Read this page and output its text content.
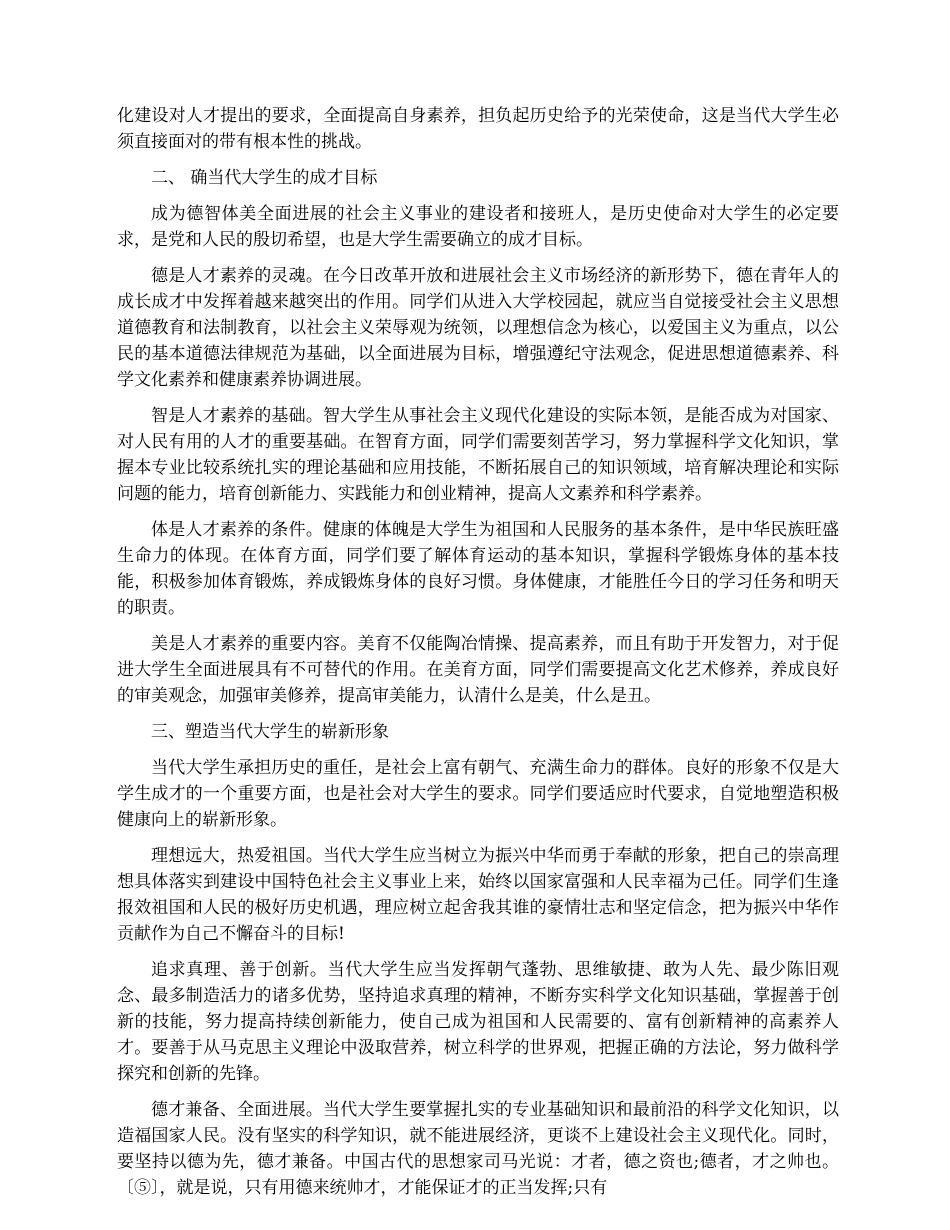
化建设对人才提出的要求，全面提高自身素养，担负起历史给予的光荣使命，这是当代大学生必须直接面对的带有根本性的挑战。

二、 确当代大学生的成才目标

成为德智体美全面进展的社会主义事业的建设者和接班人，是历史使命对大学生的必定要求，是党和人民的殷切希望，也是大学生需要确立的成才目标。

德是人才素养的灵魂。在今日改革开放和进展社会主义市场经济的新形势下，德在青年人的成长成才中发挥着越来越突出的作用。同学们从进入大学校园起，就应当自觉接受社会主义思想道德教育和法制教育，以社会主义荣辱观为统领，以理想信念为核心，以爱国主义为重点，以公民的基本道德法律规范为基础，以全面进展为目标，增强遵纪守法观念，促进思想道德素养、科学文化素养和健康素养协调进展。

智是人才素养的基础。智大学生从事社会主义现代化建设的实际本领，是能否成为对国家、对人民有用的人才的重要基础。在智育方面，同学们需要刻苦学习，努力掌握科学文化知识，掌握本专业比较系统扎实的理论基础和应用技能，不断拓展自己的知识领域，培育解决理论和实际问题的能力，培育创新能力、实践能力和创业精神，提高人文素养和科学素养。

体是人才素养的条件。健康的体魄是大学生为祖国和人民服务的基本条件，是中华民族旺盛生命力的体现。在体育方面，同学们要了解体育运动的基本知识，掌握科学锻炼身体的基本技能，积极参加体育锻炼，养成锻炼身体的良好习惯。身体健康，才能胜任今日的学习任务和明天的职责。

美是人才素养的重要内容。美育不仅能陶冶情操、提高素养，而且有助于开发智力，对于促进大学生全面进展具有不可替代的作用。在美育方面，同学们需要提高文化艺术修养，养成良好的审美观念，加强审美修养，提高审美能力，认清什么是美，什么是丑。

三、塑造当代大学生的崭新形象

当代大学生承担历史的重任，是社会上富有朝气、充满生命力的群体。良好的形象不仅是大学生成才的一个重要方面，也是社会对大学生的要求。同学们要适应时代要求，自觉地塑造积极健康向上的崭新形象。

理想远大，热爱祖国。当代大学生应当树立为振兴中华而勇于奉献的形象，把自己的崇高理想具体落实到建设中国特色社会主义事业上来，始终以国家富强和人民幸福为己任。同学们生逢报效祖国和人民的极好历史机遇，理应树立起舍我其谁的豪情壮志和坚定信念，把为振兴中华作贡献作为自己不懈奋斗的目标!

追求真理、善于创新。当代大学生应当发挥朝气蓬勃、思维敏捷、敢为人先、最少陈旧观念、最多制造活力的诸多优势，坚持追求真理的精神，不断夯实科学文化知识基础，掌握善于创新的技能，努力提高持续创新能力，使自己成为祖国和人民需要的、富有创新精神的高素养人才。要善于从马克思主义理论中汲取营养，树立科学的世界观，把握正确的方法论，努力做科学探究和创新的先锋。

德才兼备、全面进展。当代大学生要掌握扎实的专业基础知识和最前沿的科学文化知识，以造福国家人民。没有坚实的科学知识，就不能进展经济，更谈不上建设社会主义现代化。同时，要坚持以德为先，德才兼备。中国古代的思想家司马光说：才者，德之资也;德者，才之帅也。〔⑤〕，就是说，只有用德来统帅才，才能保证才的正当发挥;只有
